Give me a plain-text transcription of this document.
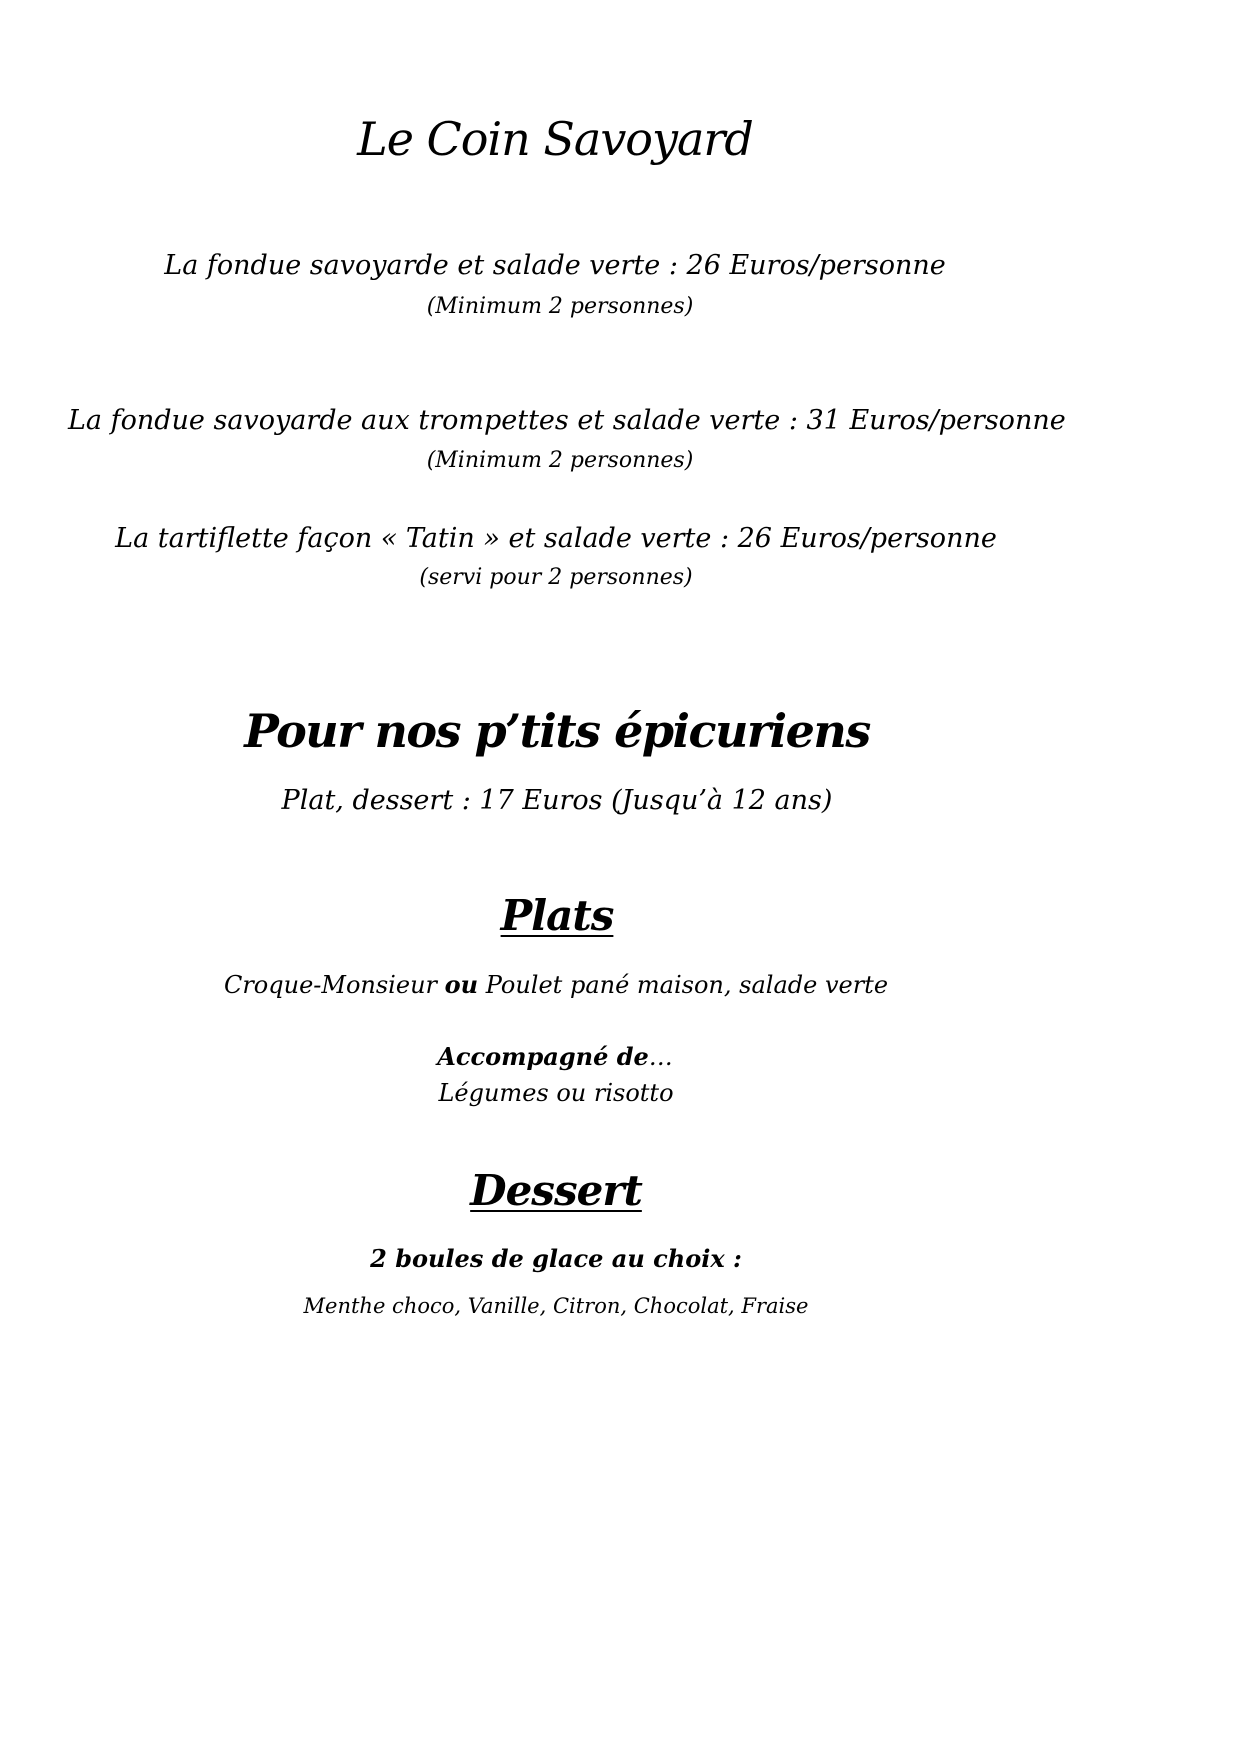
Le Coin Savoyard
La fondue savoyarde et salade verte : 26 Euros/personne
(Minimum 2 personnes)
La fondue savoyarde aux trompettes et salade verte : 31 Euros/personne
(Minimum 2 personnes)
La tartiflette façon « Tatin » et salade verte : 26 Euros/personne
(servi pour 2 personnes)
Pour nos p’tits épicuriens
Plat, dessert : 17 Euros (Jusqu’à 12 ans)
Plats
Croque-Monsieur ou Poulet pané maison, salade verte
Accompagné de…
Légumes ou risotto
Dessert
2 boules de glace au choix :
Menthe choco, Vanille, Citron, Chocolat, Fraise
